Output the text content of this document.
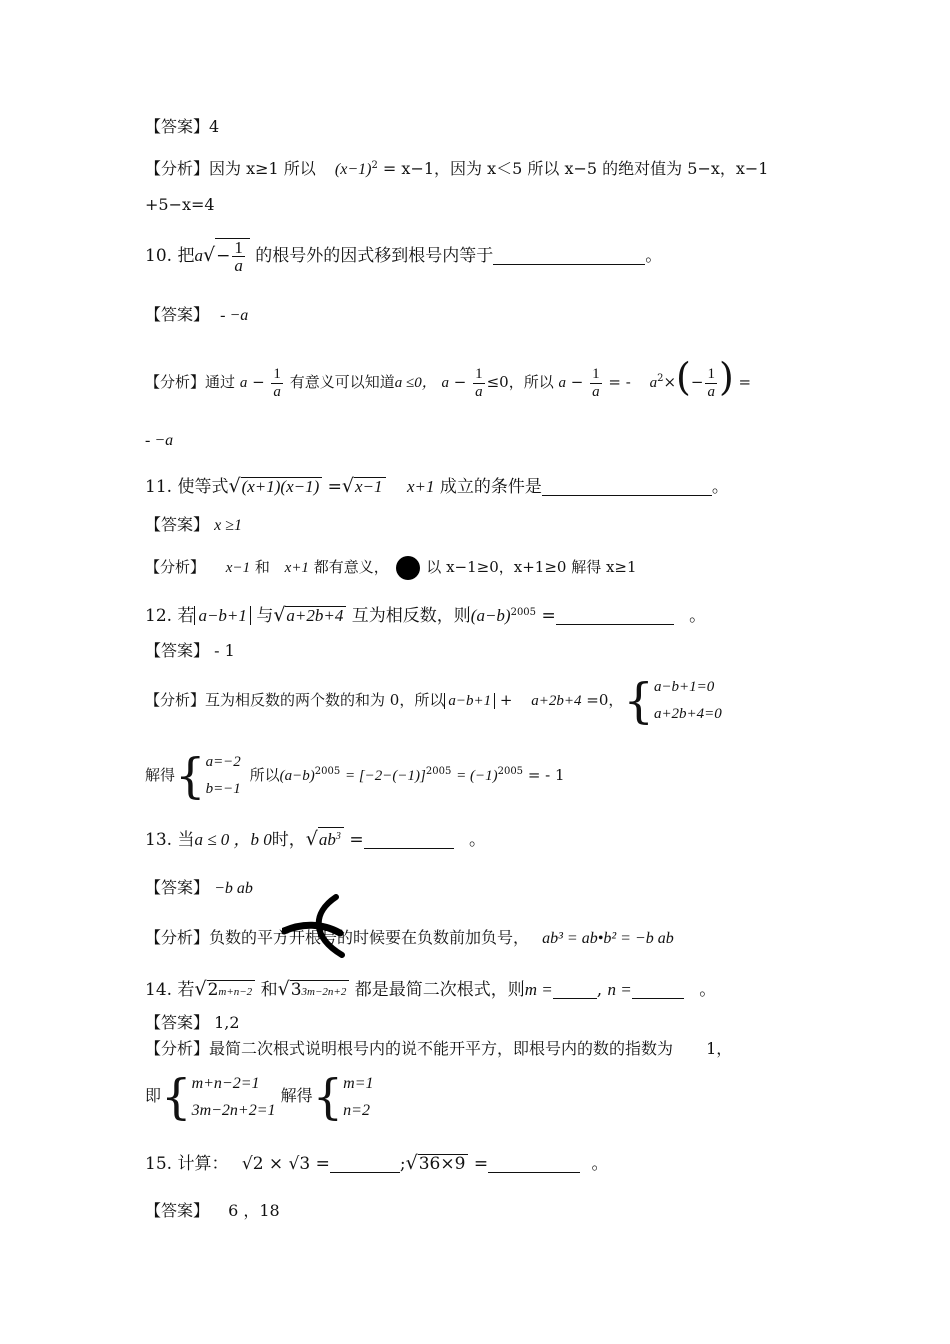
【答案】4
【分析】因为 x≥1 所以 $(x-1)^2 = x-1$，因为 x＜5 所以 x−5 的绝对值为 5−x，x−1
+5−x=4
10. 把$a√- \frac{1}{a}$ 的根号外的因式移到根号内等于	。
【答案】 - −a
【分析】通过 $a - \frac{1}{a}$ 有意义可以知道a ≤0， $a - \frac{1}{a} \le 0$，所以 $a - \frac{1}{a}$ = - $a^2\times(- \frac{1}{a}$ ) =
- −a
11. 使等式√(x+1)(x−1) =√x−1 x+1 成立的条件是	。
【答案】 x ≥1
【分析】 x−1 和 x+1 都有意义，	以 x−1≥0，x+1≥0 解得 x≥1
12. 若 a−b+1 与√a+2b+4 互为相反数，则$(a-b)^{2005}$ =	。
【答案】 - 1
【分析】互为相反数的两个数的和为 0，所以 a−b+1 + a+2b+4 =0，{ a−b+1=0
a+2b+4=0
解得{ a=−2
b=−1
所以$(a-b)^{2005} = [-2-(-1)]^{2005} = (-1)^{2005}$ = - 1
13. 当a ≤ 0 ，b 0时，$√ab^3$ =	。
【答案】 −b ab
【分析】负数的平方开根号的时候要在负数前加负号， ab³ = ab•b² = −b ab
14. 若√2m+n−2 和√33m−2n+2 都是最简二次根式，则m =	, n =	。
【答案】 1,2
【分析】最简二次根式说明根号内的说不能开平方，即根号内的数的指数为 1，
即{ m+n−2=1
3m−2n+2=1
解得{ m=1
n=2
15. 计算： √2 × √3 =	;√36×9 =	。
【答案】 6 ，18
